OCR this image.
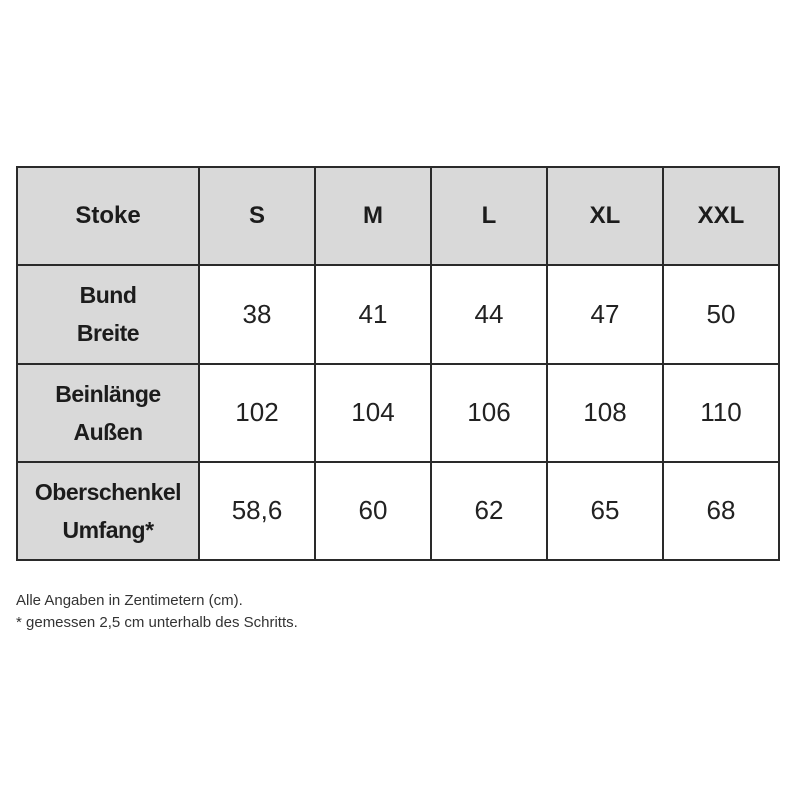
Stoke	S	M	L	XL	XXL

Bund
Breite	38	41	44	47	50

Beinlänge
Außen	102	104	106	108	110

Oberschenkel
Umfang*	58,6	60	62	65	68

Alle Angaben in Zentimetern (cm).

* gemessen 2,5 cm unterhalb des Schritts.
